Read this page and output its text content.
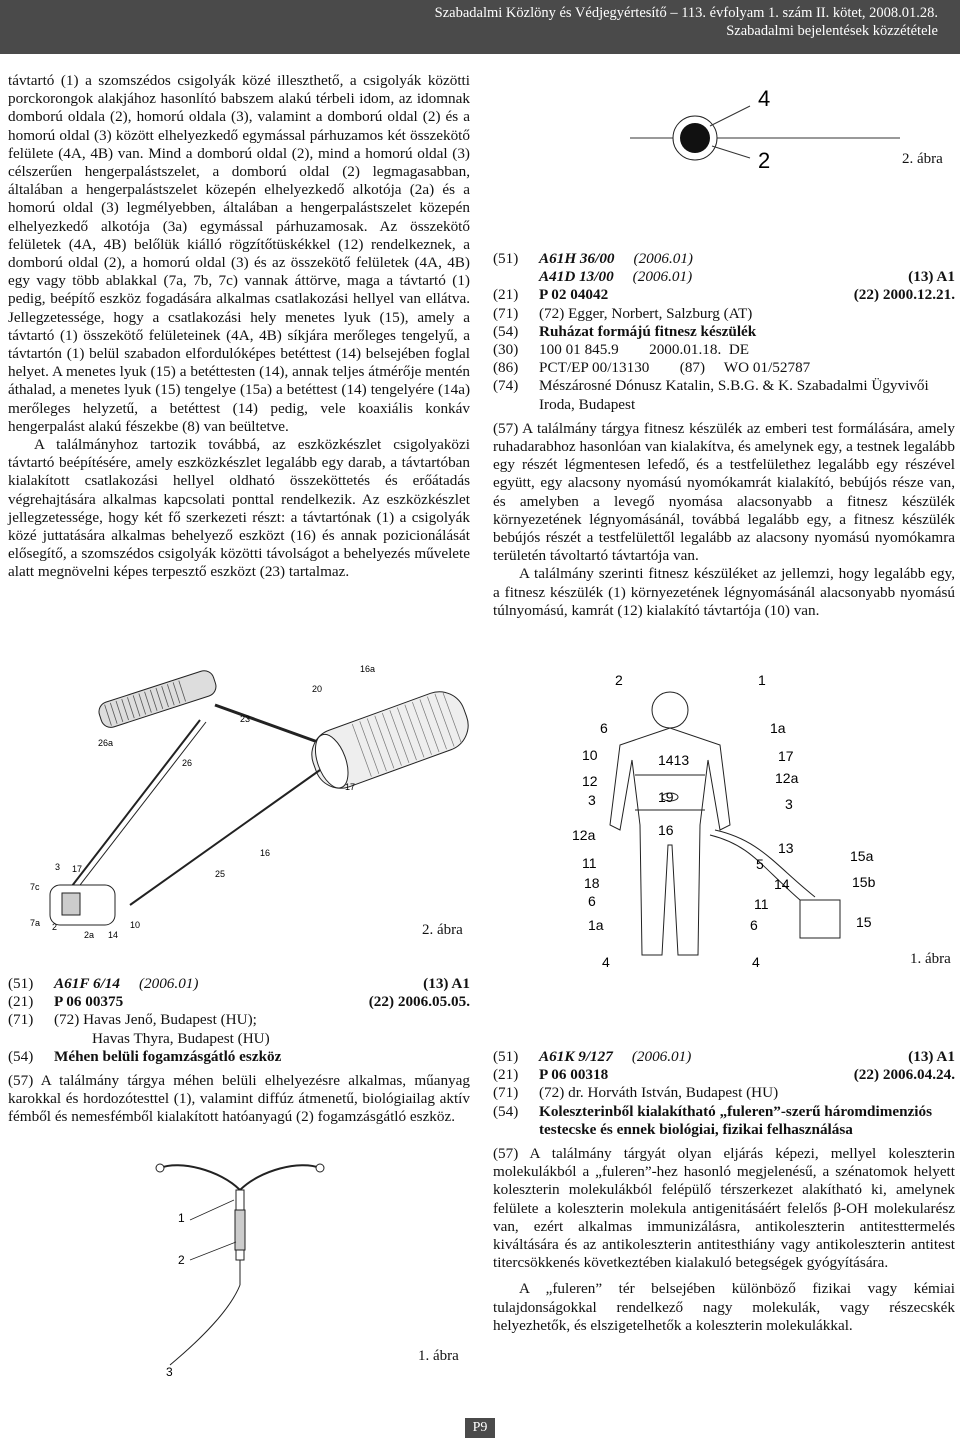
Szabadalmi Közlöny és Védjegyértesítő – 113. évfolyam 1. szám II. kötet, 2008.01.28.
Szabadalmi bejelentések közzététele

távtartó (1) a szomszédos csigolyák közé illeszthető, a csigolyák közötti porckorongok alakjához hasonlító babszem alakú térbeli idom, az idomnak domború oldala (2), homorú oldala (3), valamint a domború oldal (2) és a homorú oldal (3) között elhelyezkedő egymással párhuzamos két összekötő felülete (4A, 4B) van. Mind a domború oldal (2), mind a homorú oldal (3) célszerűen hengerpalástszelet, a domború oldal (2) legmagasabban, általában a hengerpalástszelet közepén elhelyezkedő alkotója (2a) és a homorú oldal (3) legmélyebben, általában a hengerpalástszelet közepén elhelyezkedő alkotója (3a) egymással párhuzamosak. Az összekötő felületek (4A, 4B) belőlük kiálló rögzítőtüskékkel (12) rendelkeznek, a domború oldal (2), a homorú oldal (3) és az összekötő felületek (4A, 4B) egy vagy több ablakkal (7a, 7b, 7c) vannak áttörve, maga a távtartó (1) pedig, beépítő eszköz fogadására alkalmas csatlakozási hellyel van ellátva. Jellegzetessége, hogy a csatlakozási hely menetes lyuk (15), amely a távtartó (1) összekötő felületeinek (4A, 4B) síkjára merőleges tengelyű, a távtartón (1) belül szabadon elfordulóképes betéttest (14) belsejében foglal helyet. A menetes lyuk (15) a betéttesten (14), annak teljes átmérője mentén áthalad, a menetes lyuk (15) tengelye (15a) a betéttest (14) tengelyére (14a) merőleges helyzetű, a betéttest (14) pedig, vele koaxiális konkáv hengerpalást alakú fészekbe (8) van beültetve.

A találmányhoz tartozik továbbá, az eszközkészlet csigolyaközi távtartó beépítésére, amely eszközkészlet legalább egy darab, a távtartóban kialakított csatlakozási hellyel oldható összeköttetés és erőátadás végrehajtására alkalmas kapcsolati ponttal rendelkezik. Az eszközkészlet jellegzetessége, hogy két fő szerkezeti részt: a távtartónak (1) a csigolyák közé juttatására alkalmas behelyező eszközt (16) és annak pozicionálását elősegítő, a szomszédos csigolyák közötti távolságot a behelyezés művelete alatt megnövelni képes terpesztő eszközt (23) tartalmaz.

4
2	2. ábra
(51)	A61H 36/00 (2006.01)	
	A41D 13/00 (2006.01)	(13) A1
(21)	P 02 04042	(22) 2000.12.21.
(71)	(72) Egger, Norbert, Salzburg (AT)	
(54)	Ruházat formájú fitnesz készülék	
(30)	100 01 845.9        2000.01.18.  DE	
(86)	PCT/EP 00/13130        (87)     WO 01/52787	
(74)	Mészárosné Dónusz Katalin, S.B.G. & K. Szabadalmi Ügyvivői Iroda, Budapest	

(57) A találmány tárgya fitnesz készülék az emberi test formálására, amely ruhadarabhoz hasonlóan van kialakítva, és amelynek egy, a testnek legalább egy részét légmentesen lefedő, és a testfelülethez legalább egy részével együtt, egy alacsony nyomású nyomókamrát kialakító, bebújós része van, és amelyben a levegő nyomása alacsonyabb a fitnesz készülék környezetének légnyomásánál, továbbá legalább egy, a fitnesz készülék bebújós részét a testfelülettől legalább az alacsony nyomású nyomókamra területén távoltartó távtartója van.

A találmány szerinti fitnesz készüléket az jellemzi, hogy legalább egy, a fitnesz készülék (1) környezetének légnyomásánál alacsonyabb nyomású túlnyomású, kamrát (12) kialakító távtartója (10) van.

16a
20
23
26a
26
17
16
25
7c
3 17
7a 2
2a 14
10	2. ábra
2	1
6	1a
10	1413	17
12	12a
3	19	3
12a	16
13	15a
11	5
14	15b
18
6	11
1a	6	15
4	4	1. ábra
(51)	A61F 6/14 (2006.01)	(13) A1
(21)	P 06 00375	(22) 2006.05.05.
(71)	(72) Havas Jenő, Budapest (HU);	
	Havas Thyra, Budapest (HU)	
(54)	Méhen belüli fogamzásgátló eszköz	

(57) A találmány tárgya méhen belüli elhelyezésre alkalmas, műanyag karokkal és hordozótesttel (1), valamint diffúz átmenetű, biológiailag aktív fémből és nemesfémből kialakított hatóanyagú (2) fogamzásgátló eszköz.

1
2
3
1. ábra
(51)	A61K 9/127 (2006.01)	(13) A1
(21)	P 06 00318	(22) 2006.04.24.
(71)	(72) dr. Horváth István, Budapest (HU)	
(54)	Koleszterinből kialakítható „fuleren”-szerű háromdimenziós testecske és ennek biológiai, fizikai felhasználása	

(57) A találmány tárgyát olyan eljárás képezi, mellyel koleszterin molekulákból a „fuleren”-hez hasonló megjelenésű, a szénatomok helyett koleszterin molekulákból felépülő térszerkezet alakítható ki, amelynek felülete a koleszterin molekula antigenitásáért felelős β-OH molekularész van, ezért alkalmas immunizálásra, antikoleszterin antitesttermelés kiváltására és az antikoleszterin antitesthiány vagy antikoleszterin antitest titercsökkenés következtében kialakuló betegségek gyógyítására.

A „fuleren” tér belsejében különböző fizikai vagy kémiai tulajdonságokkal rendelkező nagy molekulák, vagy részecskék helyezhetők, és elszigetelhetők a koleszterin molekulákkal.

P9
